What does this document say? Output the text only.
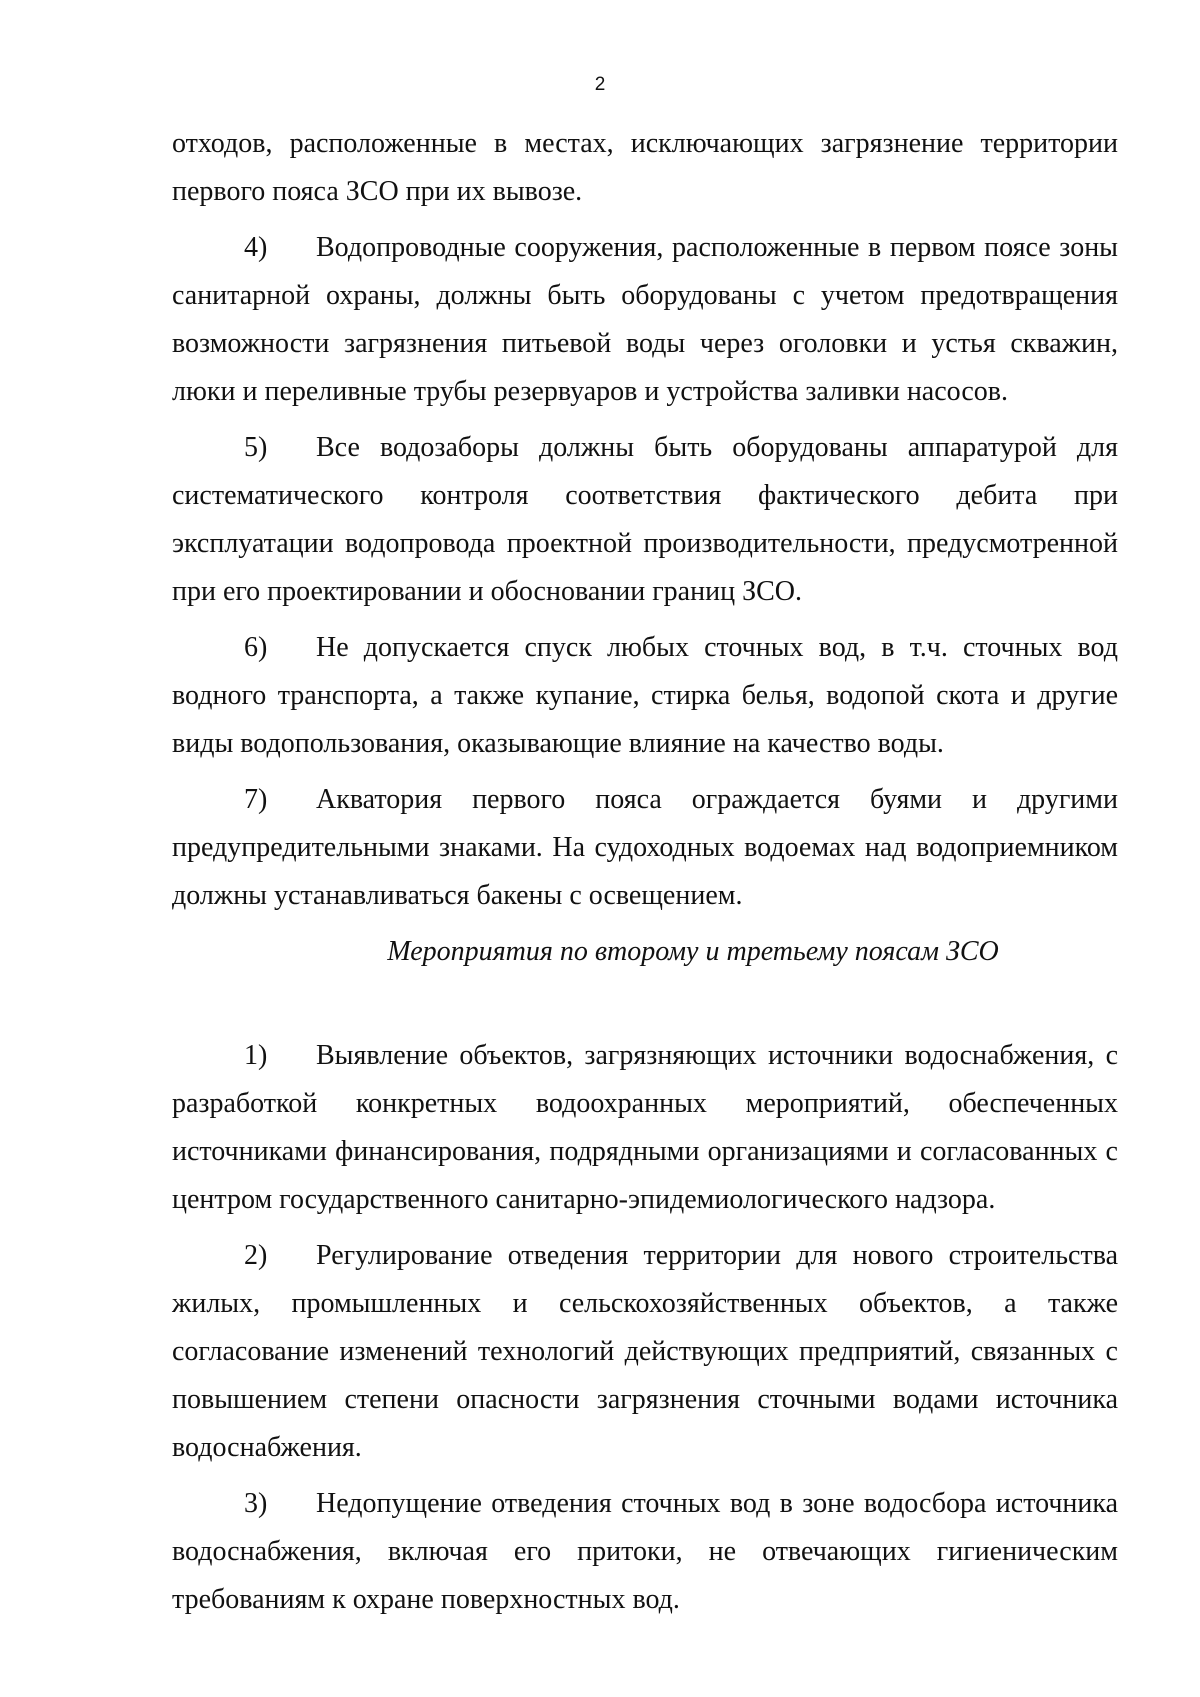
2

отходов, расположенные в местах, исключающих загрязнение территории первого пояса ЗСО при их вывозе.

4) Водопроводные сооружения, расположенные в первом поясе зоны санитарной охраны, должны быть оборудованы с учетом предотвращения возможности загрязнения питьевой воды через оголовки и устья скважин, люки и переливные трубы резервуаров и устройства заливки насосов.

5) Все водозаборы должны быть оборудованы аппаратурой для систематического контроля соответствия фактического дебита при эксплуатации водопровода проектной производительности, предусмотренной при его проектировании и обосновании границ ЗСО.

6) Не допускается спуск любых сточных вод, в т.ч. сточных вод водного транспорта, а также купание, стирка белья, водопой скота и другие виды водопользования, оказывающие влияние на качество воды.

7) Акватория первого пояса ограждается буями и другими предупредительными знаками. На судоходных водоемах над водоприемником должны устанавливаться бакены с освещением.

Мероприятия по второму и третьему поясам ЗСО

1) Выявление объектов, загрязняющих источники водоснабжения, с разработкой конкретных водоохранных мероприятий, обеспеченных источниками финансирования, подрядными организациями и согласованных с центром государственного санитарно-эпидемиологического надзора.

2) Регулирование отведения территории для нового строительства жилых, промышленных и сельскохозяйственных объектов, а также согласование изменений технологий действующих предприятий, связанных с повышением степени опасности загрязнения сточными водами источника водоснабжения.

3) Недопущение отведения сточных вод в зоне водосбора источника водоснабжения, включая его притоки, не отвечающих гигиеническим требованиям к охране поверхностных вод.
